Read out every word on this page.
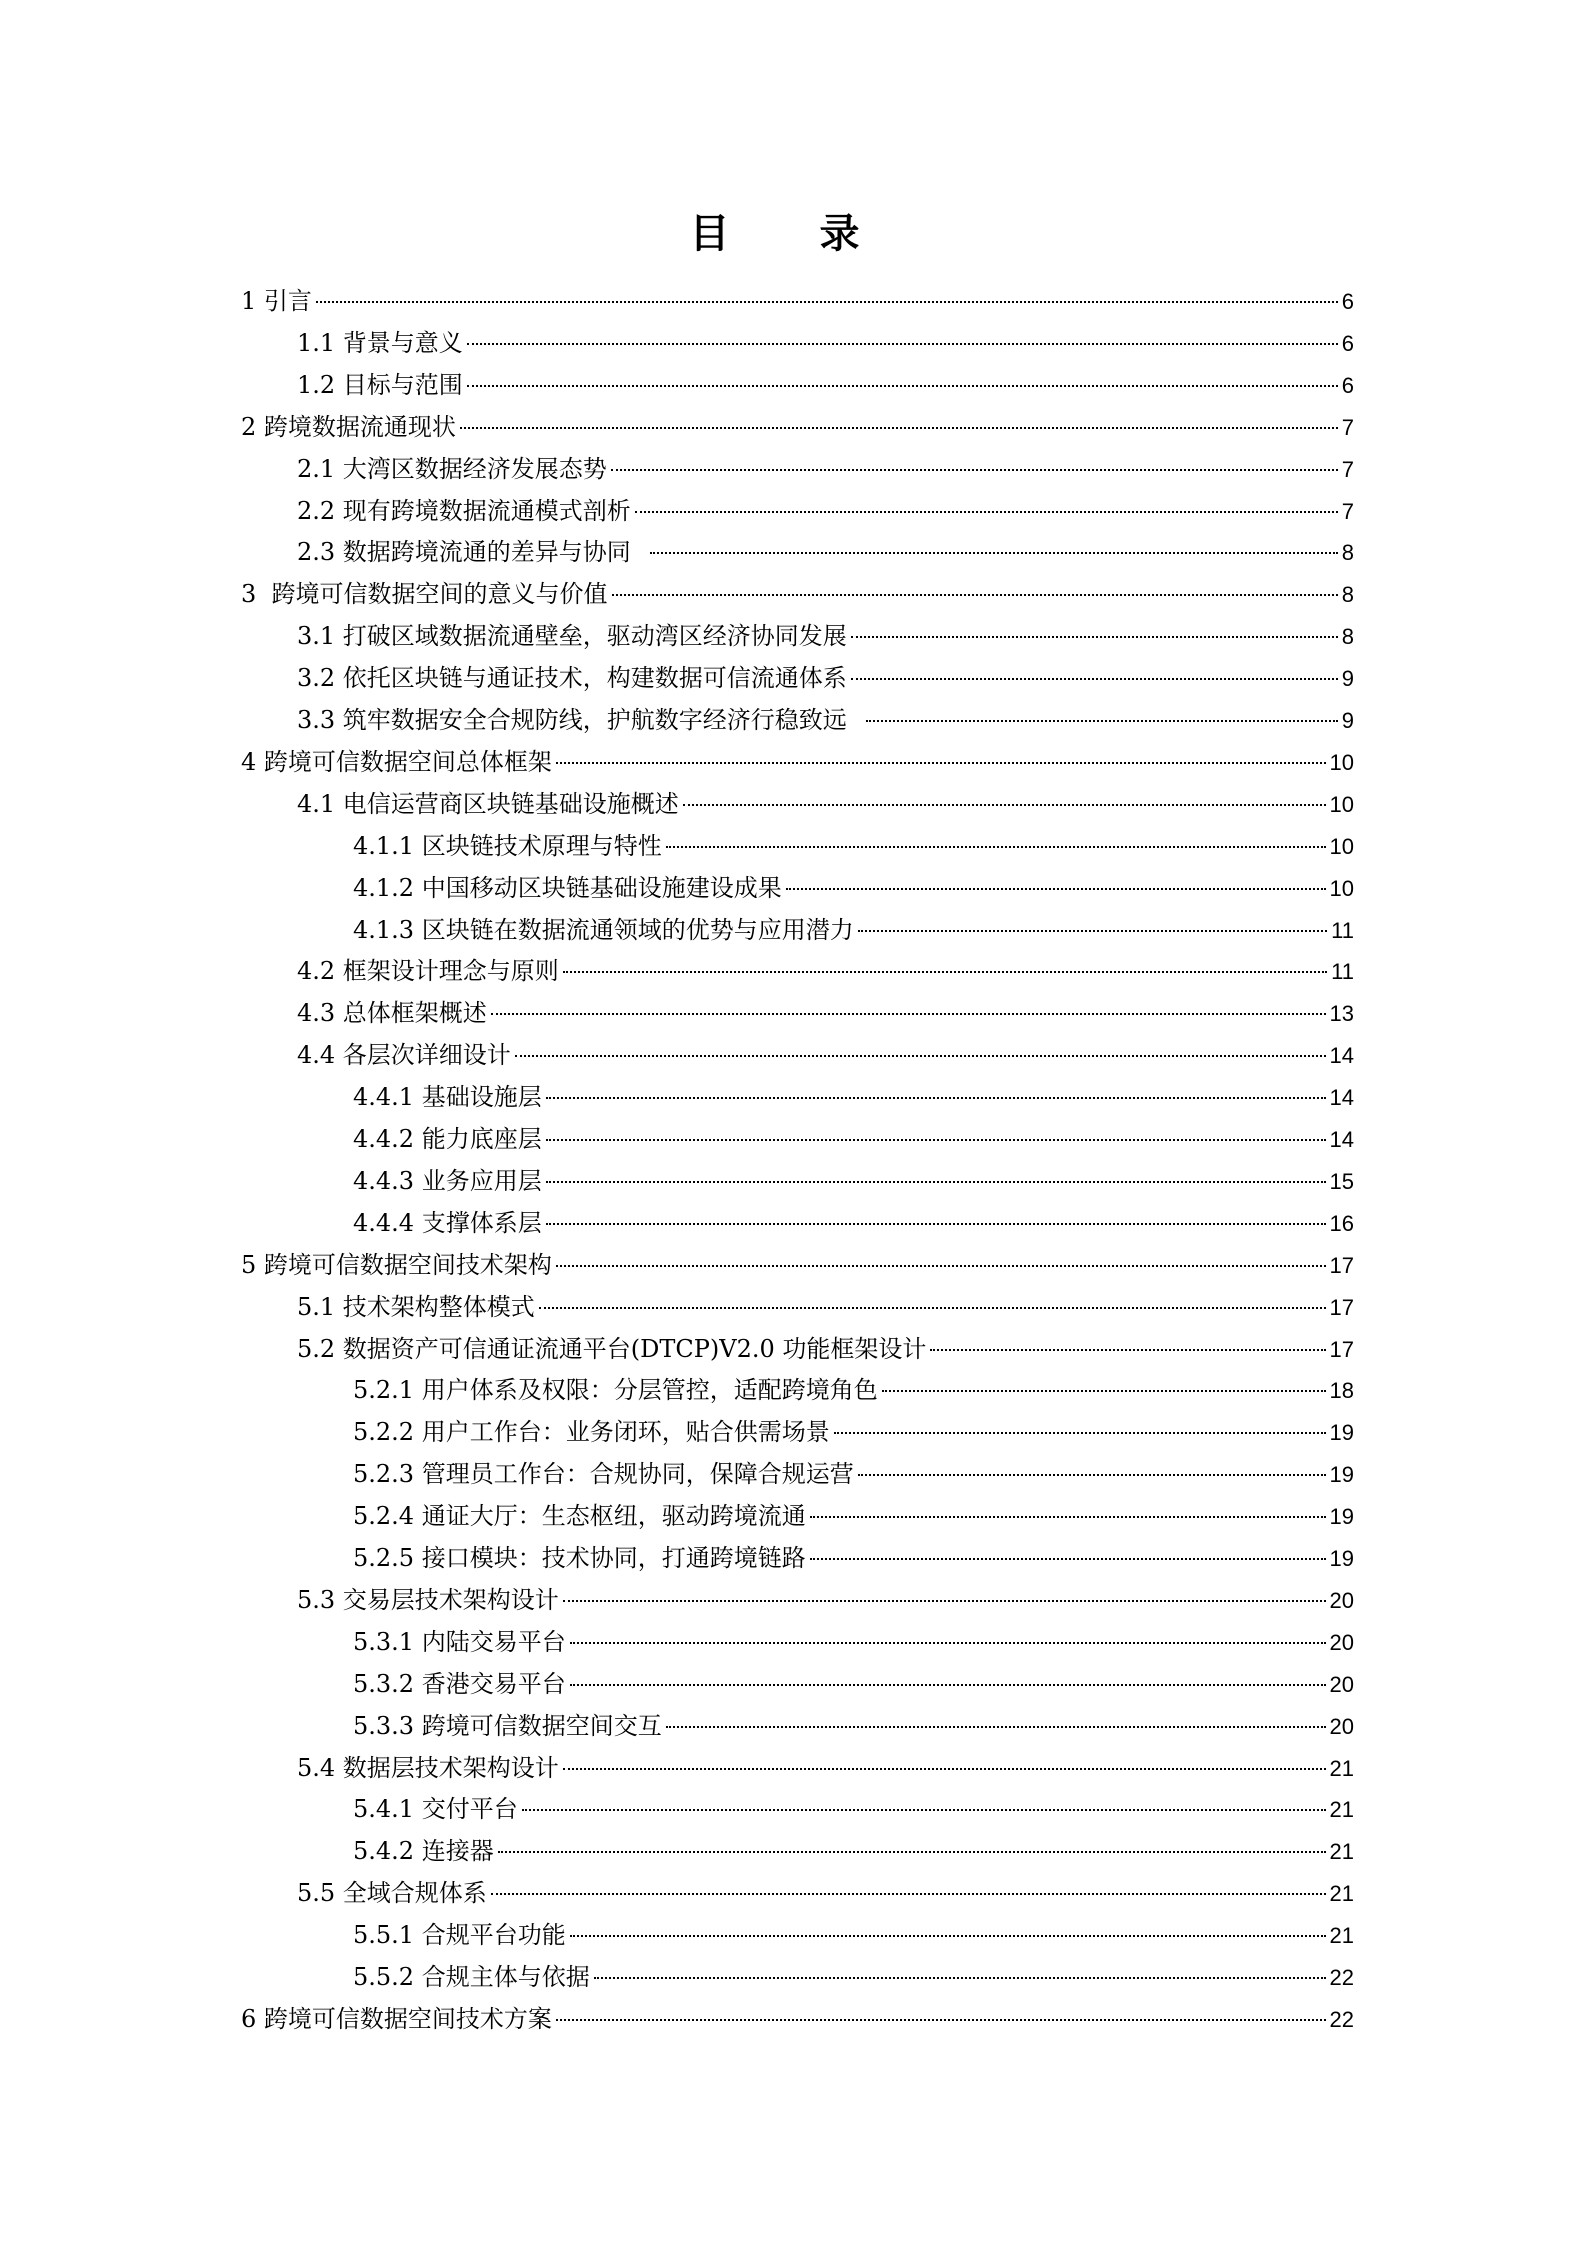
目 录
1 引言	6
1.1 背景与意义	6
1.2 目标与范围	6
2 跨境数据流通现状	7
2.1 大湾区数据经济发展态势	7
2.2 现有跨境数据流通模式剖析	7
2.3 数据跨境流通的差异与协同	8
3  跨境可信数据空间的意义与价值	8
3.1 打破区域数据流通壁垒，驱动湾区经济协同发展	8
3.2 依托区块链与通证技术，构建数据可信流通体系	9
3.3 筑牢数据安全合规防线，护航数字经济行稳致远	9
4 跨境可信数据空间总体框架	10
4.1 电信运营商区块链基础设施概述	10
4.1.1 区块链技术原理与特性	10
4.1.2 中国移动区块链基础设施建设成果	10
4.1.3 区块链在数据流通领域的优势与应用潜力	11
4.2 框架设计理念与原则	11
4.3 总体框架概述	13
4.4 各层次详细设计	14
4.4.1 基础设施层	14
4.4.2 能力底座层	14
4.4.3 业务应用层	15
4.4.4 支撑体系层	16
5 跨境可信数据空间技术架构	17
5.1 技术架构整体模式	17
5.2 数据资产可信通证流通平台(DTCP)V2.0 功能框架设计	17
5.2.1 用户体系及权限：分层管控，适配跨境角色	18
5.2.2 用户工作台：业务闭环，贴合供需场景	19
5.2.3 管理员工作台：合规协同，保障合规运营	19
5.2.4 通证大厅：生态枢纽，驱动跨境流通	19
5.2.5 接口模块：技术协同，打通跨境链路	19
5.3 交易层技术架构设计	20
5.3.1 内陆交易平台	20
5.3.2 香港交易平台	20
5.3.3 跨境可信数据空间交互	20
5.4 数据层技术架构设计	21
5.4.1 交付平台	21
5.4.2 连接器	21
5.5 全域合规体系	21
5.5.1 合规平台功能	21
5.5.2 合规主体与依据	22
6 跨境可信数据空间技术方案	22
